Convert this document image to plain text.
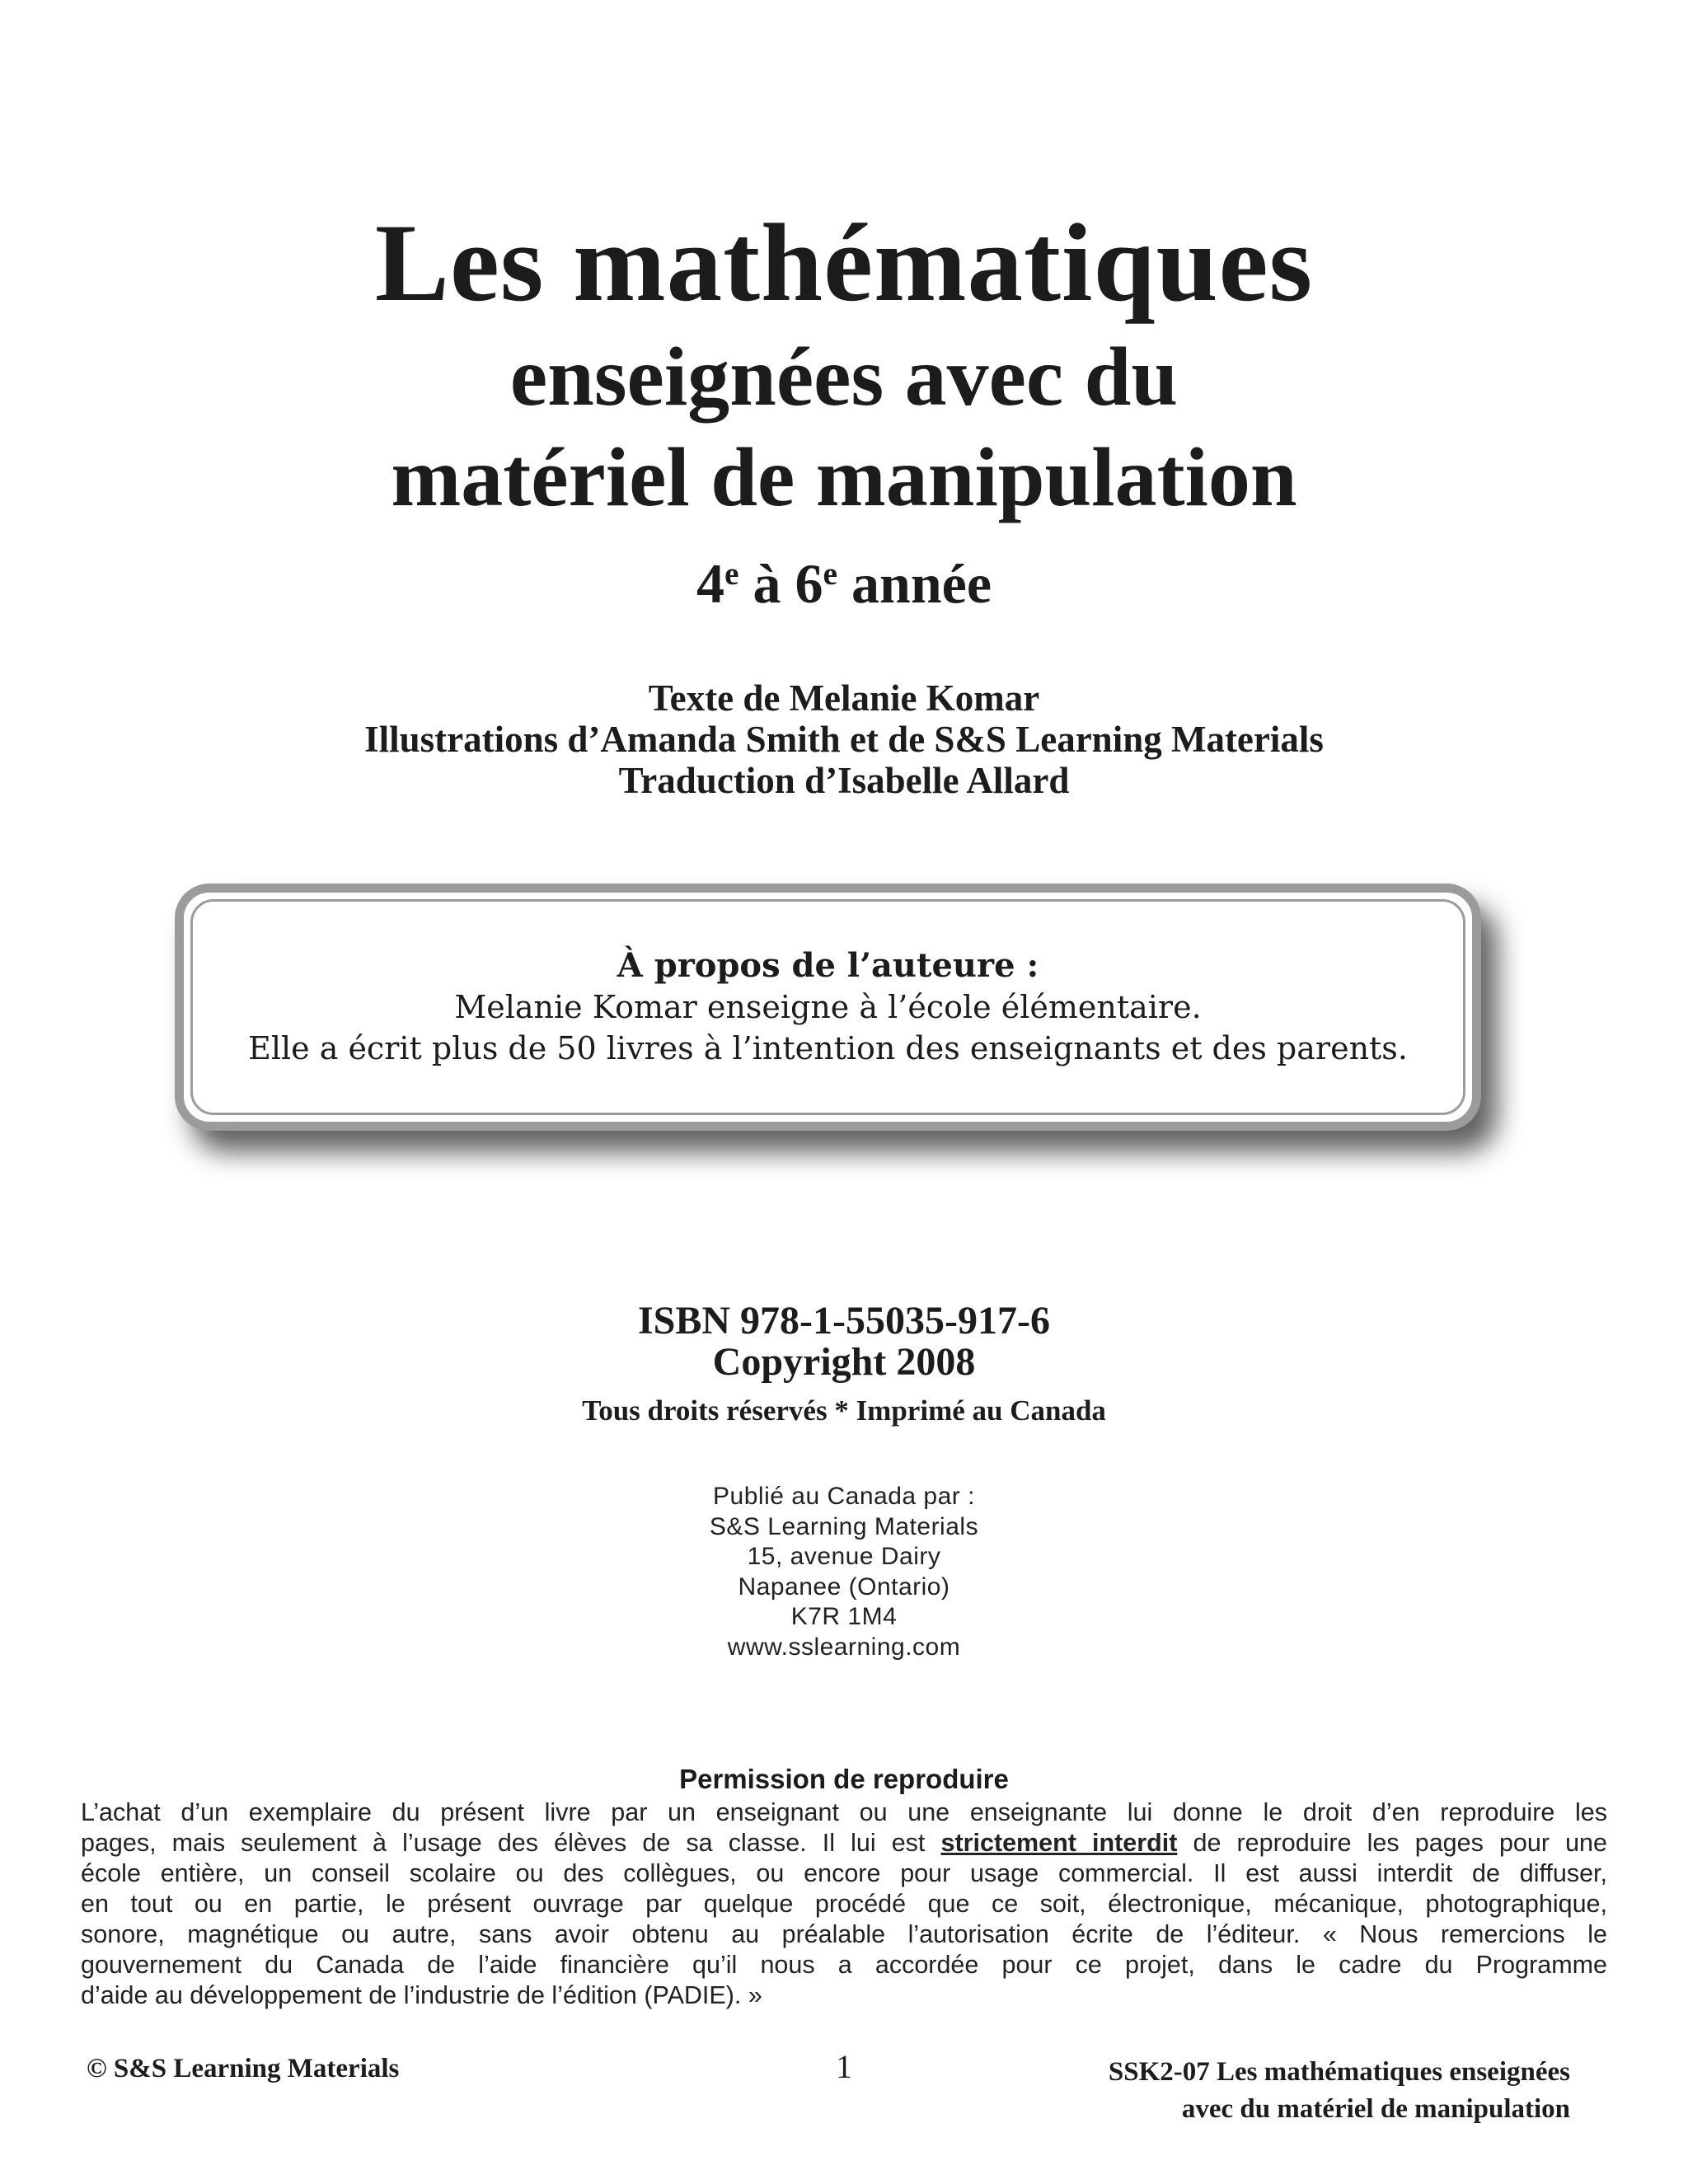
Les mathématiques
enseignées avec du
matériel de manipulation
4e à 6e année
Texte de Melanie Komar
Illustrations d’Amanda Smith et de S&S Learning Materials
Traduction d’Isabelle Allard
À propos de l’auteure :
Melanie Komar enseigne à l’école élémentaire.
Elle a écrit plus de 50 livres à l’intention des enseignants et des parents.
ISBN 978-1-55035-917-6
Copyright 2008
Tous droits réservés * Imprimé au Canada
Publié au Canada par :
S&S Learning Materials
15, avenue Dairy
Napanee (Ontario)
K7R 1M4
www.sslearning.com
Permission de reproduire
L’achat d’un exemplaire du présent livre par un enseignant ou une enseignante lui donne le droit d’en reproduire les
pages, mais seulement à l’usage des élèves de sa classe. Il lui est strictement interdit de reproduire les pages pour une
école entière, un conseil scolaire ou des collègues, ou encore pour usage commercial. Il est aussi interdit de diffuser,
en tout ou en partie, le présent ouvrage par quelque procédé que ce soit, électronique, mécanique, photographique,
sonore, magnétique ou autre, sans avoir obtenu au préalable l’autorisation écrite de l’éditeur. « Nous remercions le
gouvernement du Canada de l’aide financière qu’il nous a accordée pour ce projet, dans le cadre du Programme
d’aide au développement de l’industrie de l’édition (PADIE). »
© S&S Learning Materials	1	SSK2-07 Les mathématiques enseignées
avec du matériel de manipulation
